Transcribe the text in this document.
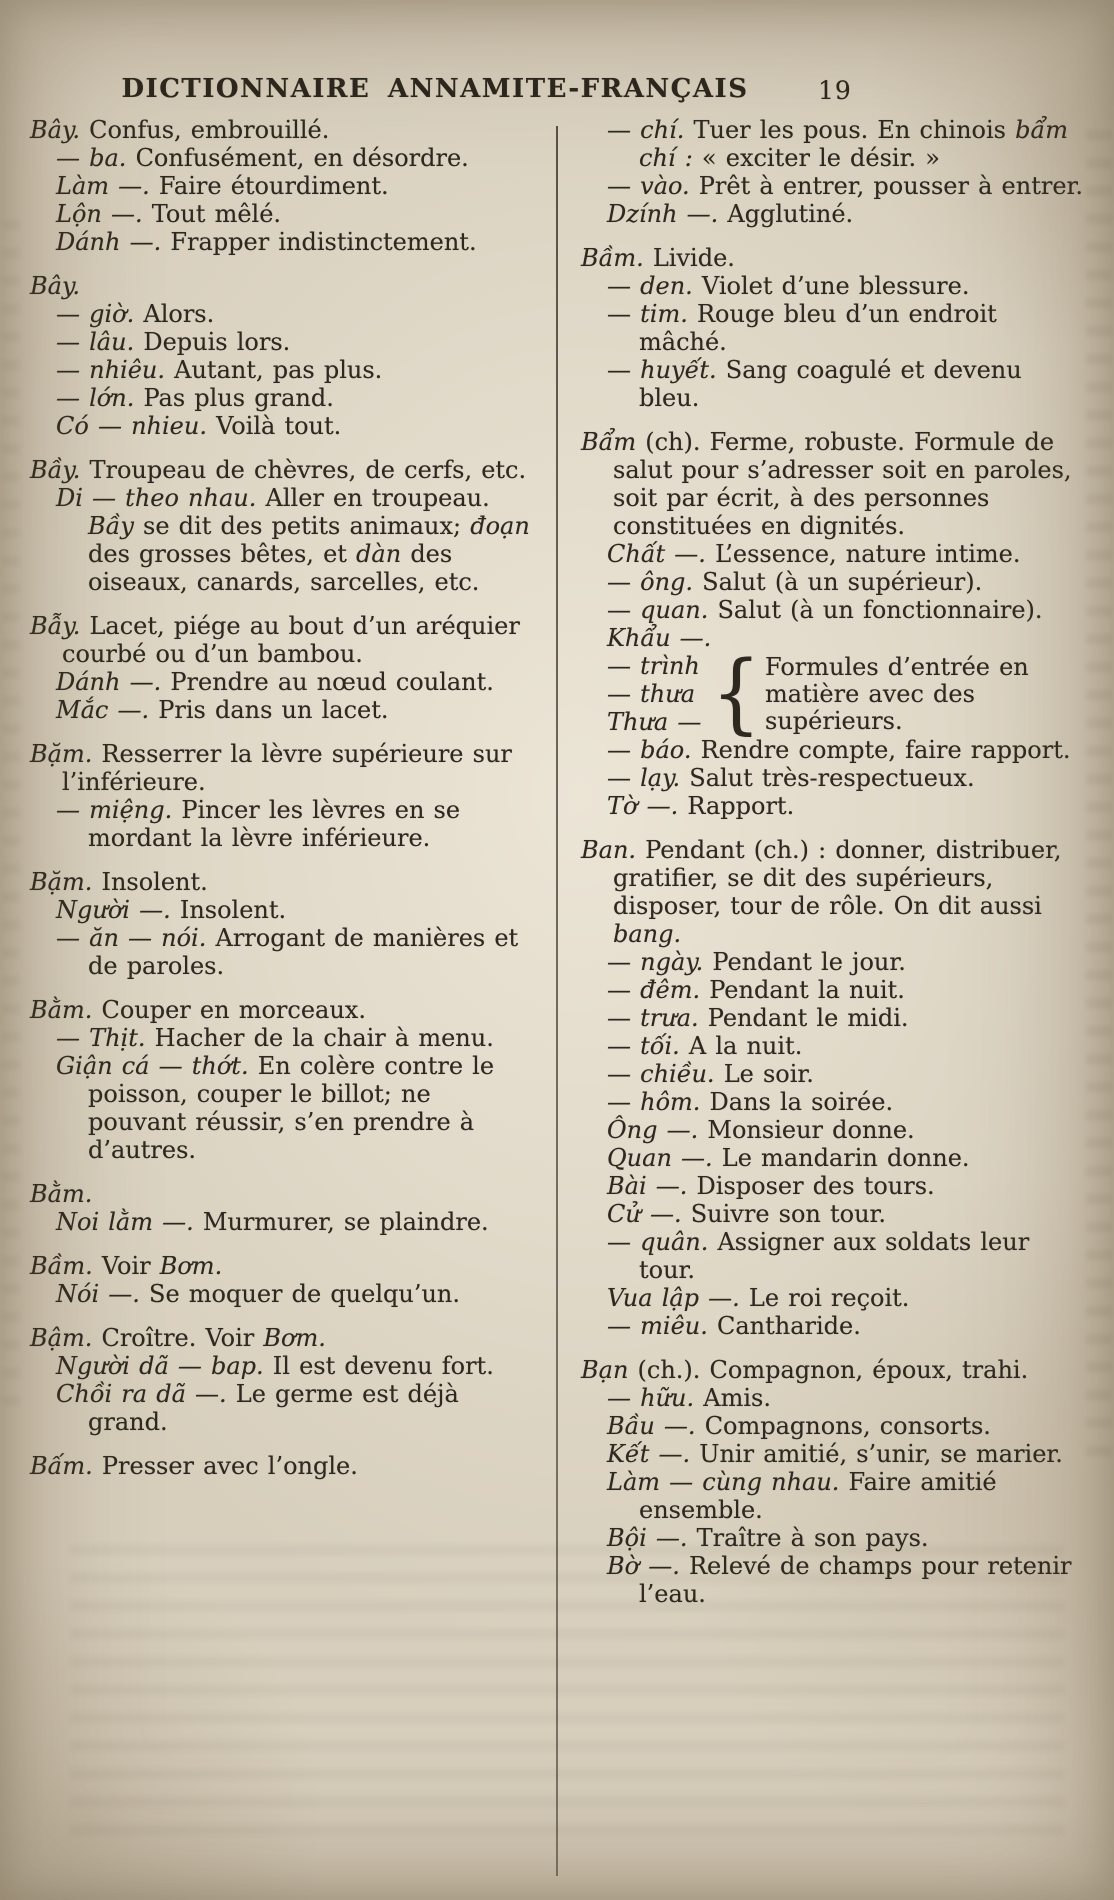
DICTIONNAIRE ANNAMITE-FRANÇAIS	19
Bây. Confus, embrouillé.
— ba. Confusément, en désordre.
Làm —. Faire étourdiment.
Lộn —. Tout mêlé.
Dánh —. Frapper indistinctement.
Bây.
— giờ. Alors.
— lâu. Depuis lors.
— nhiêu. Autant, pas plus.
— lớn. Pas plus grand.
Có — nhieu. Voilà tout.
Bầy. Troupeau de chèvres, de cerfs, etc.
Di — theo nhau. Aller en troupeau. Bầy se dit des petits animaux; đoạn des grosses bêtes, et dàn des oiseaux, canards, sarcelles, etc.
Bẫy. Lacet, piége au bout d’un aréquier courbé ou d’un bambou.
Dánh —. Prendre au nœud coulant.
Mắc —. Pris dans un lacet.
Bặm. Resserrer la lèvre supérieure sur l’inférieure.
— miệng. Pincer les lèvres en se mordant la lèvre inférieure.
Bặm. Insolent.
Người —. Insolent.
— ăn — nói. Arrogant de manières et de paroles.
Bằm. Couper en morceaux.
— Thịt. Hacher de la chair à menu.
Giận cá — thớt. En colère contre le poisson, couper le billot; ne pouvant réussir, s’en prendre à d’autres.
Bằm.
Noi lằm —. Murmurer, se plaindre.
Bầm. Voir Bơm.
Nói —. Se moquer de quelqu’un.
Bậm. Croître. Voir Bơm.
Người dã — bap. Il est devenu fort.
Chồi ra dã —. Le germe est déjà grand.
Bấm. Presser avec l’ongle.
— chí. Tuer les pous. En chinois bẩm chí : « exciter le désir. »
— vào. Prêt à entrer, pousser à entrer.
Dzính —. Agglutiné.
Bầm. Livide.
— den. Violet d’une blessure.
— tim. Rouge bleu d’un endroit mâché.
— huyết. Sang coagulé et devenu bleu.
Bẩm (ch). Ferme, robuste. Formule de salut pour s’adresser soit en paroles, soit par écrit, à des personnes constituées en dignités.
Chất —. L’essence, nature intime.
— ông. Salut (à un supérieur).
— quan. Salut (à un fonctionnaire).
Khẩu —.
— trình
— thưa
Thưa — { Formules d’entrée en matière avec des supérieurs.
— báo. Rendre compte, faire rapport.
— lạy. Salut très-respectueux.
Tờ —. Rapport.
Ban. Pendant (ch.) : donner, distribuer, gratifier, se dit des supérieurs, disposer, tour de rôle. On dit aussi bang.
— ngày. Pendant le jour.
— đêm. Pendant la nuit.
— trưa. Pendant le midi.
— tối. A la nuit.
— chiều. Le soir.
— hôm. Dans la soirée.
Ông —. Monsieur donne.
Quan —. Le mandarin donne.
Bài —. Disposer des tours.
Cử —. Suivre son tour.
— quân. Assigner aux soldats leur tour.
Vua lập —. Le roi reçoit.
— miêu. Cantharide.
Bạn (ch.). Compagnon, époux, trahi.
— hữu. Amis.
Bầu —. Compagnons, consorts.
Kết —. Unir amitié, s’unir, se marier.
Làm — cùng nhau. Faire amitié ensemble.
Bội —. Traître à son pays.
Bờ —. Relevé de champs pour retenir l’eau.
